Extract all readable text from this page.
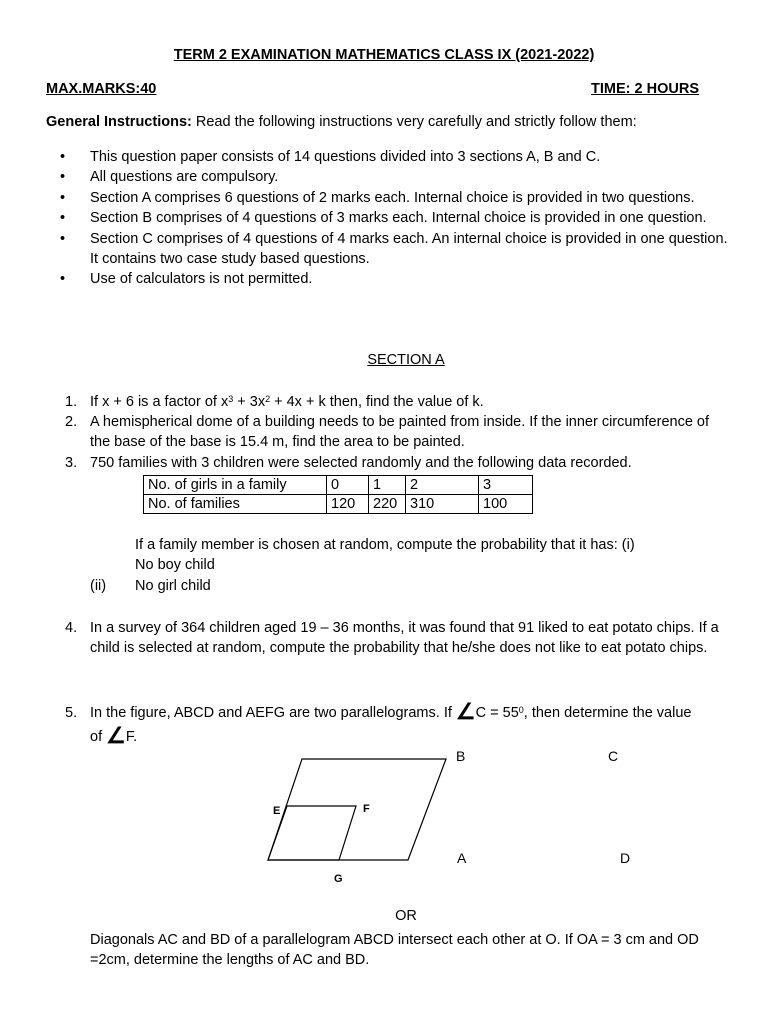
TERM 2 EXAMINATION MATHEMATICS CLASS IX (2021-2022)
MAX.MARKS:40	TIME: 2 HOURS
General Instructions: Read the following instructions very carefully and strictly follow them:
• This question paper consists of 14 questions divided into 3 sections A, B and C.
• All questions are compulsory.
• Section A comprises 6 questions of 2 marks each. Internal choice is provided in two questions.
• Section B comprises of 4 questions of 3 marks each. Internal choice is provided in one question.
• Section C comprises of 4 questions of 4 marks each. An internal choice is provided in one question. It contains two case study based questions.
• Use of calculators is not permitted.
SECTION A
1. If x + 6 is a factor of $x^3 + 3x^2 + 4x + k$ then, find the value of k.
2. A hemispherical dome of a building needs to be painted from inside. If the inner circumference of the base of the base is 15.4 m, find the area to be painted.
3. 750 families with 3 children were selected randomly and the following data recorded.
No. of girls in a family	0	1	2	3
No. of families	120	220	310	100
If a family member is chosen at random, compute the probability that it has: (i)
No boy child
(ii) No girl child
4. In a survey of 364 children aged 19 – 36 months, it was found that 91 liked to eat potato chips. If a child is selected at random, compute the probability that he/she does not like to eat potato chips.
5. In the figure, ABCD and AEFG are two parallelograms. If ∠C = $55^0$, then determine the value
of ∠F.
B	C
A	D
E	F
G
OR
Diagonals AC and BD of a parallelogram ABCD intersect each other at O. If OA = 3 cm and OD =2cm, determine the lengths of AC and BD.
